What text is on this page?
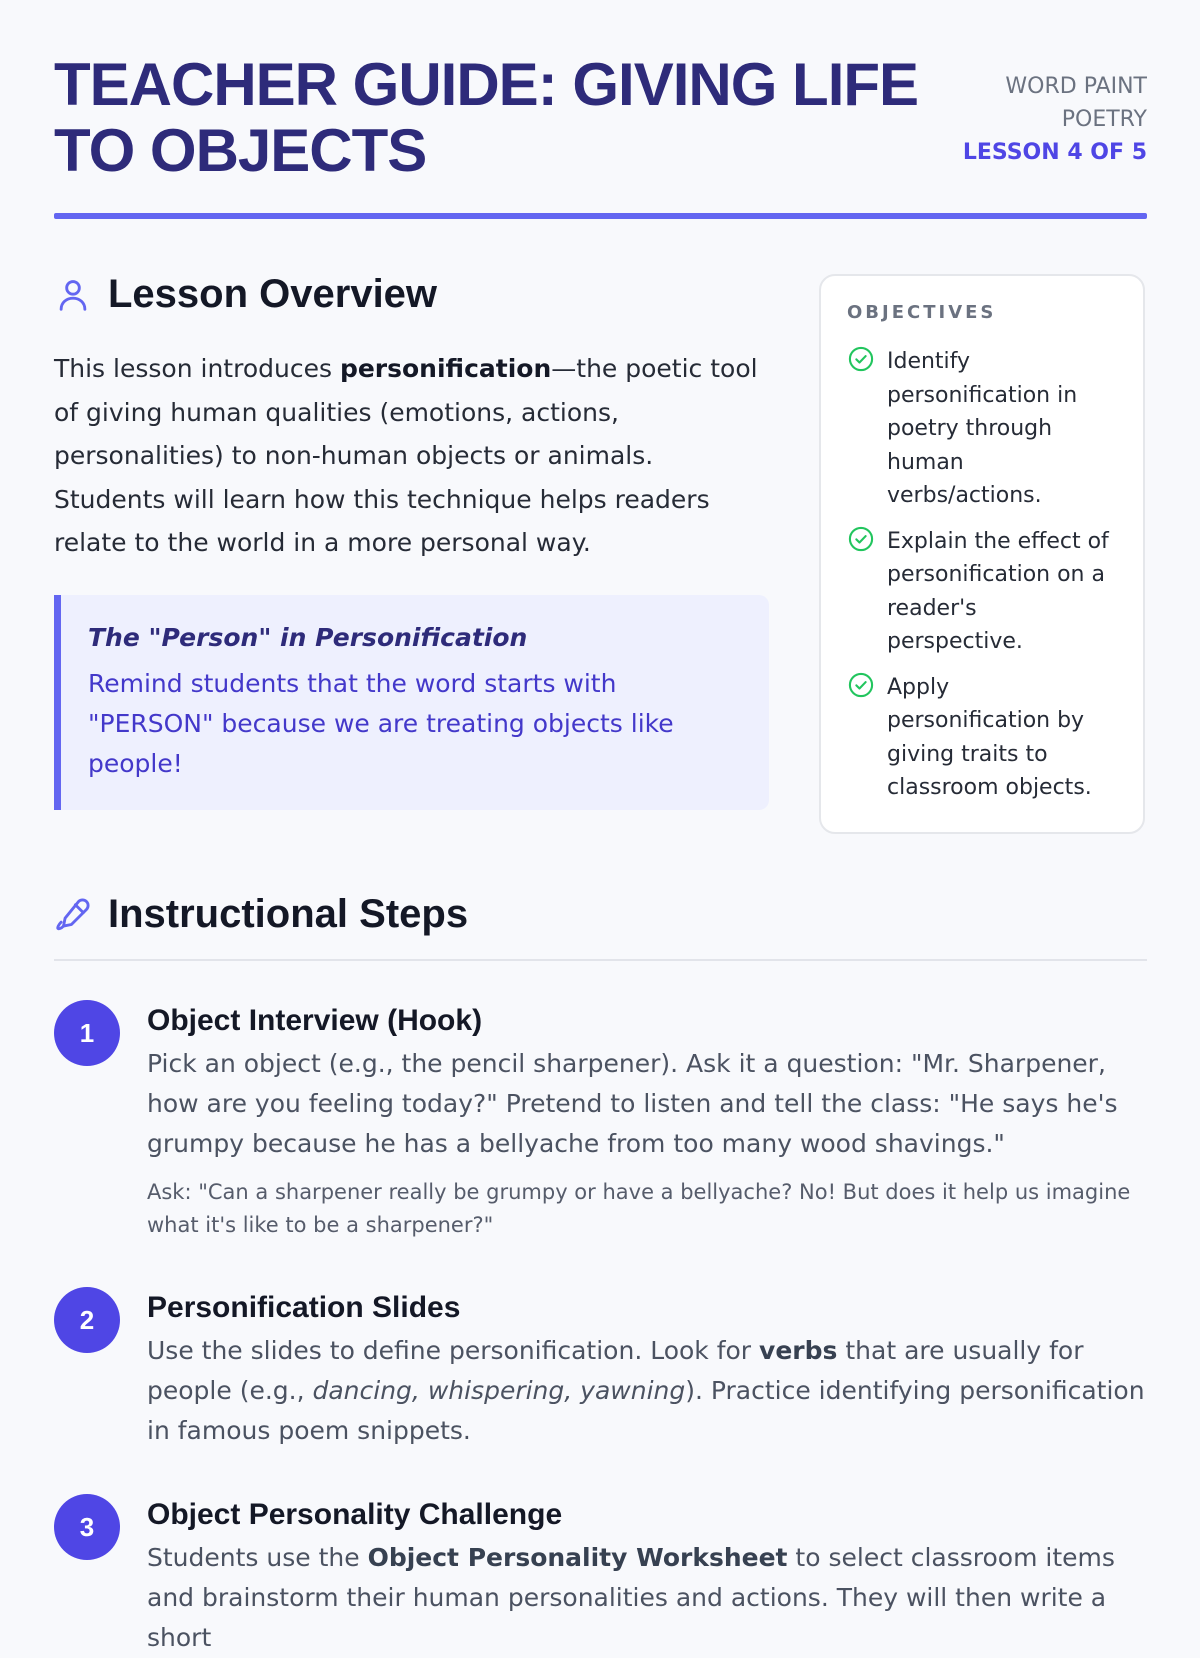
TEACHER GUIDE: GIVING LIFE TO OBJECTS
WORD PAINT POETRY
LESSON 4 OF 5
Lesson Overview

This lesson introduces personification—the poetic tool of giving human qualities (emotions, actions, personalities) to non-human objects or animals. Students will learn how this technique helps readers relate to the world in a more personal way.

The "Person" in Personification

Remind students that the word starts with "PERSON" because we are treating objects like people!

OBJECTIVES

Identify personification in poetry through human verbs/actions.
Explain the effect of personification on a reader's perspective.
Apply personification by giving traits to classroom objects.
Instructional Steps
1	Object Interview (Hook)

Pick an object (e.g., the pencil sharpener). Ask it a question: "Mr. Sharpener, how are you feeling today?" Pretend to listen and tell the class: "He says he's grumpy because he has a bellyache from too many wood shavings."

Ask: "Can a sharpener really be grumpy or have a bellyache? No! But does it help us imagine what it's like to be a sharpener?"

2	Personification Slides

Use the slides to define personification. Look for verbs that are usually for people (e.g., dancing, whispering, yawning). Practice identifying personification in famous poem snippets.

3	Object Personality Challenge

Students use the Object Personality Worksheet to select classroom items and brainstorm their human personalities and actions. They will then write a short
